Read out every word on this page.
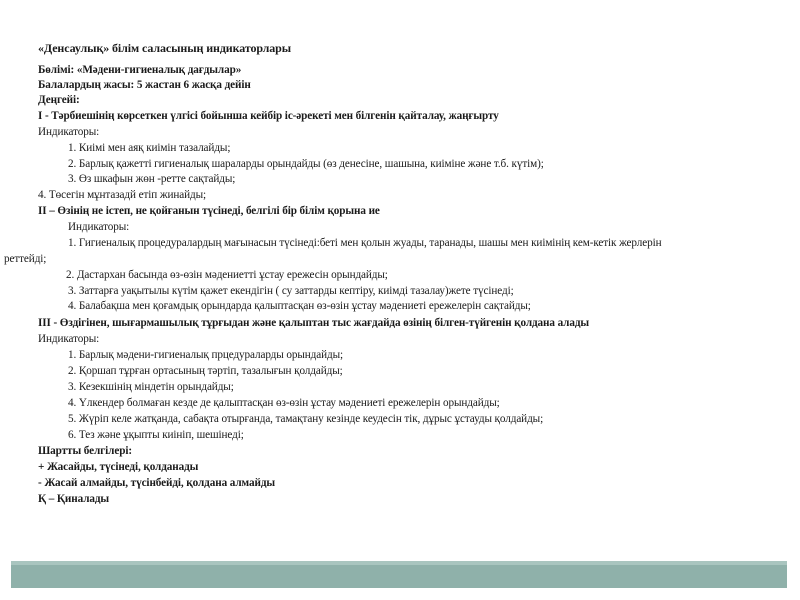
«Денсаулық» білім саласының индикаторлары
Бөлімі: «Мәдени-гигиеналық дағдылар»
Балалардың жасы: 5 жастан 6 жасқа дейін
Деңгейі:
І - Тәрбиешінің көрсеткен үлгісі бойынша кейбір іс-әрекеті мен білгенін қайталау, жаңғырту
Индикаторы:
1. Киімі мен аяқ киімін тазалайды;
2. Барлық қажетті гигиеналық шараларды орындайды (өз денесіне, шашына, киіміне және т.б. күтім);
3. Өз шкафын жөн -ретте сақтайды;
4. Төсегін мұнтазадй етіп жинайды;
ІІ – Өзінің не істеп, не қойғанын түсінеді, белгілі бір білім қорына ие
Индикаторы:
1. Гигиеналық процедуралардың мағынасын түсінеді:беті мен қолын жуады, таранады, шашы мен киімінің кем-кетік жерлерін
реттейді;
2. Дастархан басында өз-өзін мәдениетті ұстау ережесін орындайды;
3. Заттарға уақытылы күтім қажет екендігін ( су заттарды кептіру, киімді тазалау)жете түсінеді;
4. Балабақша мен қоғамдық орындарда қалыптасқан өз-өзін ұстау мәдениеті ережелерін сақтайды;
ІІІ - Өздігінен, шығармашылық тұрғыдан және қалыптан тыс жағдайда өзінің білген-түйгенін қолдана алады
Индикаторы:
1. Барлық мәдени-гигиеналық прцедураларды орындайды;
2. Қоршап тұрған ортасының тәртіп, тазалығын қолдайды;
3. Кезекшінің міндетін орындайды;
4. Үлкендер болмаған кезде де қалыптасқан өз-өзін ұстау мәдениеті ережелерін орындайды;
5. Жүріп келе жатқанда, сабақта отырғанда, тамақтану кезінде кеудесін тік, дұрыс ұстауды қолдайды;
6. Тез және ұқыпты киініп, шешінеді;
Шартты белгілері:
+ Жасайды, түсінеді, қолданады
- Жасай алмайды, түсінбейді, қолдана алмайды
Қ – Қиналады
